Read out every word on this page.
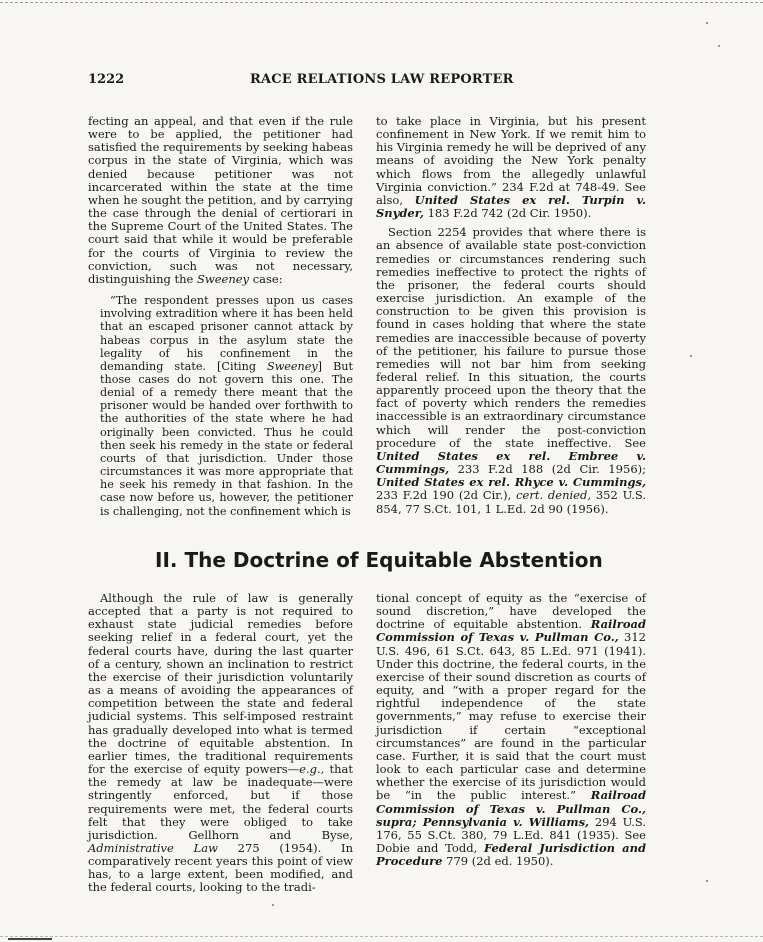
1222	RACE RELATIONS LAW REPORTER

fecting an appeal, and that even if the rule were to be applied, the petitioner had satisfied the requirements by seeking habeas corpus in the state of Virginia, which was denied because petitioner was not incarcerated within the state at the time when he sought the petition, and by carrying the case through the denial of certiorari in the Supreme Court of the United States. The court said that while it would be preferable for the courts of Virginia to review the conviction, such was not necessary, distinguishing the Sweeney case:

“The respondent presses upon us cases involving extradition where it has been held that an escaped prisoner cannot attack by habeas corpus in the asylum state the legality of his confinement in the demanding state. [Citing Sweeney] But those cases do not govern this one. The denial of a remedy there meant that the prisoner would be handed over forthwith to the authorities of the state where he had originally been convicted. Thus he could then seek his remedy in the state or federal courts of that jurisdiction. Under those circumstances it was more appropriate that he seek his remedy in that fashion. In the case now before us, however, the petitioner is challenging, not the confinement which is

to take place in Virginia, but his present confinement in New York. If we remit him to his Virginia remedy he will be deprived of any means of avoiding the New York penalty which flows from the allegedly unlawful Virginia conviction.” 234 F.2d at 748-49. See also, United States ex rel. Turpin v. Snyder, 183 F.2d 742 (2d Cir. 1950).

Section 2254 provides that where there is an absence of available state post-conviction remedies or circumstances rendering such remedies ineffective to protect the rights of the prisoner, the federal courts should exercise jurisdiction. An example of the construction to be given this provision is found in cases holding that where the state remedies are inaccessible because of poverty of the petitioner, his failure to pursue those remedies will not bar him from seeking federal relief. In this situation, the courts apparently proceed upon the theory that the fact of poverty which renders the remedies inaccessible is an extraordinary circumstance which will render the post-conviction procedure of the state ineffective. See United States ex rel. Embree v. Cummings, 233 F.2d 188 (2d Cir. 1956); United States ex rel. Rhyce v. Cummings, 233 F.2d 190 (2d Cir.), cert. denied, 352 U.S. 854, 77 S.Ct. 101, 1 L.Ed. 2d 90 (1956).

II. The Doctrine of Equitable Abstention

Although the rule of law is generally accepted that a party is not required to exhaust state judicial remedies before seeking relief in a federal court, yet the federal courts have, during the last quarter of a century, shown an inclination to restrict the exercise of their jurisdiction voluntarily as a means of avoiding the appearances of competition between the state and federal judicial systems. This self-imposed restraint has gradually developed into what is termed the doctrine of equitable abstention. In earlier times, the traditional requirements for the exercise of equity powers—e.g., that the remedy at law be inadequate—were stringently enforced, but if those requirements were met, the federal courts felt that they were obliged to take jurisdiction. Gellhorn and Byse, Administrative Law 275 (1954). In comparatively recent years this point of view has, to a large extent, been modified, and the federal courts, looking to the tradi-

tional concept of equity as the “exercise of sound discretion,” have developed the doctrine of equitable abstention. Railroad Commission of Texas v. Pullman Co., 312 U.S. 496, 61 S.Ct. 643, 85 L.Ed. 971 (1941). Under this doctrine, the federal courts, in the exercise of their sound discretion as courts of equity, and “with a proper regard for the rightful independence of the state governments,” may refuse to exercise their jurisdiction if certain “exceptional circumstances” are found in the particular case. Further, it is said that the court must look to each particular case and determine whether the exercise of its jurisdiction would be “in the public interest.” Railroad Commission of Texas v. Pullman Co., supra; Pennsylvania v. Williams, 294 U.S. 176, 55 S.Ct. 380, 79 L.Ed. 841 (1935). See Dobie and Todd, Federal Jurisdiction and Procedure 779 (2d ed. 1950).
